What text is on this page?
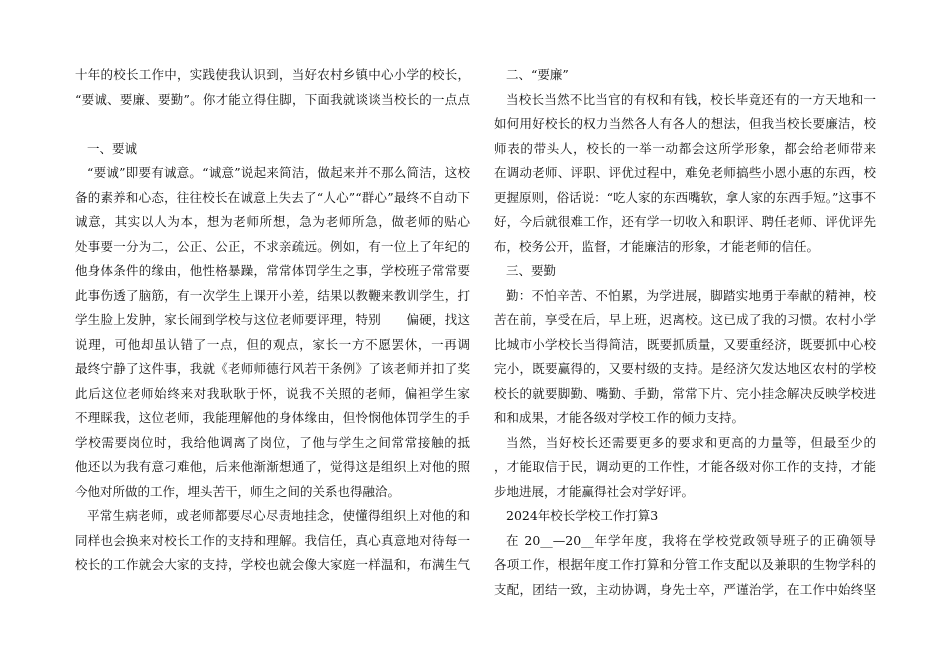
十年的校长工作中，实践使我认识到，当好农村乡镇中心小学的校长，
“要诚、要廉、要勤”。你才能立得住脚，下面我就谈谈当校长的一点点
一、要诚
“要诚”即要有诚意。“诚意”说起来简洁，做起来并不那么简洁，这校
备的素养和心态，往往校长在诚意上失去了“人心”“群心”最终不自动下
诚意，其实以人为本，想为老师所想，急为老师所急，做老师的贴心
处事要一分为二，公正、公正，不求亲疏远。例如，有一位上了年纪的
他身体条件的缘由，他性格暴躁，常常体罚学生之事，学校班子常常要
此事伤透了脑筋，有一次学生上课开小差，结果以教鞭来教训学生，打
学生脸上发肿，家长闹到学校与这位老师要评理，特别　　偏硬，找这
说理，可他却虽认错了一点，但的观点，家长一方不愿罢休，一再调
最终宁静了这件事，我就《老师师德行风若干条例》了该老师并扣了奖
此后这位老师始终来对我耿耿于怀，说我不关照的老师，偏袒学生家
不理睬我，这位老师，我能理解他的身体缘由，但怜悯他体罚学生的手
学校需要岗位时，我给他调离了岗位，了他与学生之间常常接触的抵
他还以为我有意刁难他，后来他渐渐想通了，觉得这是组织上对他的照
今他对所做的工作，埋头苦干，师生之间的关系也得融洽。
平常生病老师，或老师都要尽心尽责地挂念，使懂得组织上对他的和
同样也会换来对校长工作的支持和理解。我信任，真心真意地对待每一
校长的工作就会大家的支持，学校也就会像大家庭一样温和，布满生气
二、“要廉”
当校长当然不比当官的有权和有钱，校长毕竟还有的一方天地和一
如何用好校长的权力当然各人有各人的想法，但我当校长要廉洁，校
师表的带头人，校长的一举一动都会这所学形象，都会给老师带来
在调动老师、评职、评优过程中，难免老师搞些小恩小惠的东西，校
更握原则，俗话说：“吃人家的东西嘴软，拿人家的东西手短。”这事不
好，今后就很难工作，还有学一切收入和职评、聘任老师、评优评先
布，校务公开，监督，才能廉洁的形象，才能老师的信任。
三、要勤
勤：不怕辛苦、不怕累，为学进展，脚踏实地勇于奉献的精神，校
苦在前，享受在后，早上班，迟离校。这已成了我的习惯。农村小学
比城市小学校长当得简洁，既要抓质量，又要重经济，既要抓中心校
完小，既要赢得的，又要村级的支持。是经济欠发达地区农村的学校
校长的就要脚勤、嘴勤、手勤，常常下片、完小挂念解决反映学校进
和和成果，才能各级对学校工作的倾力支持。
当然，当好校长还需要更多的要求和更高的力量等，但最至少的
，才能取信于民，调动更的工作性，才能各级对你工作的支持，才能
步地进展，才能赢得社会对学好评。
2024年校长学校工作打算3
在 20__—20__年学年度，我将在学校党政领导班子的正确领导
各项工作，根据年度工作打算和分管工作支配以及兼职的生物学科的
支配，团结一致，主动协调，身先士卒，严谨治学，在工作中始终坚
